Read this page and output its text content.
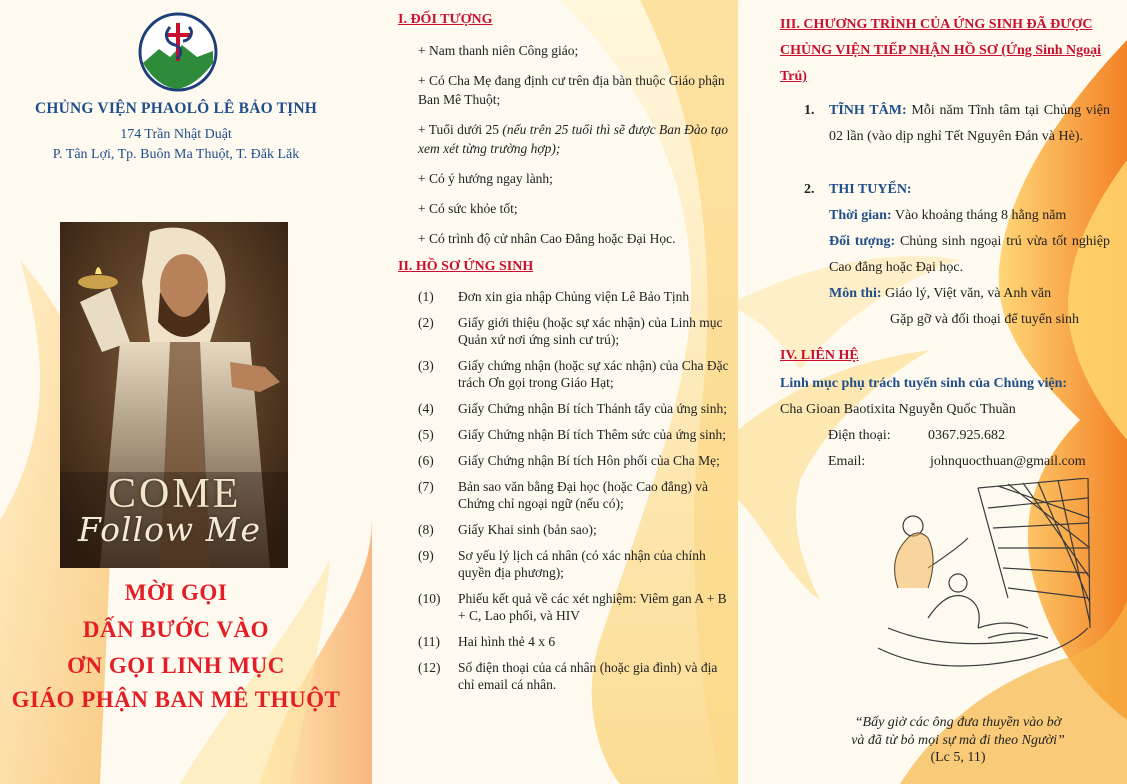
CHỦNG VIỆN PHAOLÔ LÊ BẢO TỊNH
174 Trần Nhật Duật
P. Tân Lợi, Tp. Buôn Ma Thuột, T. Đăk Lăk
COME
Follow Me
MỜI GỌI
DẤN BƯỚC VÀO
ƠN GỌI LINH MỤC
GIÁO PHẬN BAN MÊ THUỘT
I. ĐỐI TƯỢNG
+ Nam thanh niên Công giáo;
+ Có Cha Mẹ đang định cư trên địa bàn thuộc Giáo phận Ban Mê Thuột;
+ Tuổi dưới 25 (nếu trên 25 tuổi thì sẽ được Ban Đào tạo xem xét từng trường hợp);
+ Có ý hướng ngay lành;
+ Có sức khỏe tốt;
+ Có trình độ cử nhân Cao Đẳng hoặc Đại Học.
II. HỒ SƠ ỨNG SINH
(1)	Đơn xin gia nhập Chủng viện Lê Bảo Tịnh
(2)	Giấy giới thiệu (hoặc sự xác nhận) của Linh mục Quản xứ nơi ứng sinh cư trú);
(3)	Giấy chứng nhận (hoặc sự xác nhận) của Cha Đặc trách Ơn gọi trong Giáo Hạt;
(4)	Giấy Chứng nhận Bí tích Thánh tẩy của ứng sinh;
(5)	Giấy Chứng nhận Bí tích Thêm sức của ứng sinh;
(6)	Giấy Chứng nhận Bí tích Hôn phối của Cha Mẹ;
(7)	Bản sao văn bằng Đại học (hoặc Cao đẳng) và Chứng chỉ ngoại ngữ (nếu có);
(8)	Giấy Khai sinh (bản sao);
(9)	Sơ yếu lý lịch cá nhân (có xác nhận của chính quyền địa phương);
(10)	Phiếu kết quả về các xét nghiệm: Viêm gan A + B + C, Lao phổi, và HIV
(11)	Hai hình thẻ 4 x 6
(12)	Số điện thoại của cá nhân (hoặc gia đình) và địa chỉ email cá nhân.
III. CHƯƠNG TRÌNH CỦA ỨNG SINH ĐÃ ĐƯỢC CHỦNG VIỆN TIẾP NHẬN HỒ SƠ (Ứng Sinh Ngoại Trú)
1. TĨNH TÂM: Mỗi năm Tĩnh tâm tại Chủng viện 02 lần (vào dịp nghỉ Tết Nguyên Đán và Hè).
2. THI TUYỂN:
Thời gian: Vào khoảng tháng 8 hằng năm
Đối tượng: Chủng sinh ngoại trú vừa tốt nghiệp Cao đẳng hoặc Đại học.
Môn thi: Giáo lý, Việt văn, và Anh văn
Gặp gỡ và đối thoại để tuyển sinh
IV. LIÊN HỆ
Linh mục phụ trách tuyển sinh của Chủng viện:
Cha Gioan Baotixita Nguyễn Quốc Thuần
Điện thoại:	0367.925.682
Email:	johnquocthuan@gmail.com
“Bấy giờ các ông đưa thuyền vào bờ
và đã từ bỏ mọi sự mà đi theo Người”
(Lc 5, 11)
